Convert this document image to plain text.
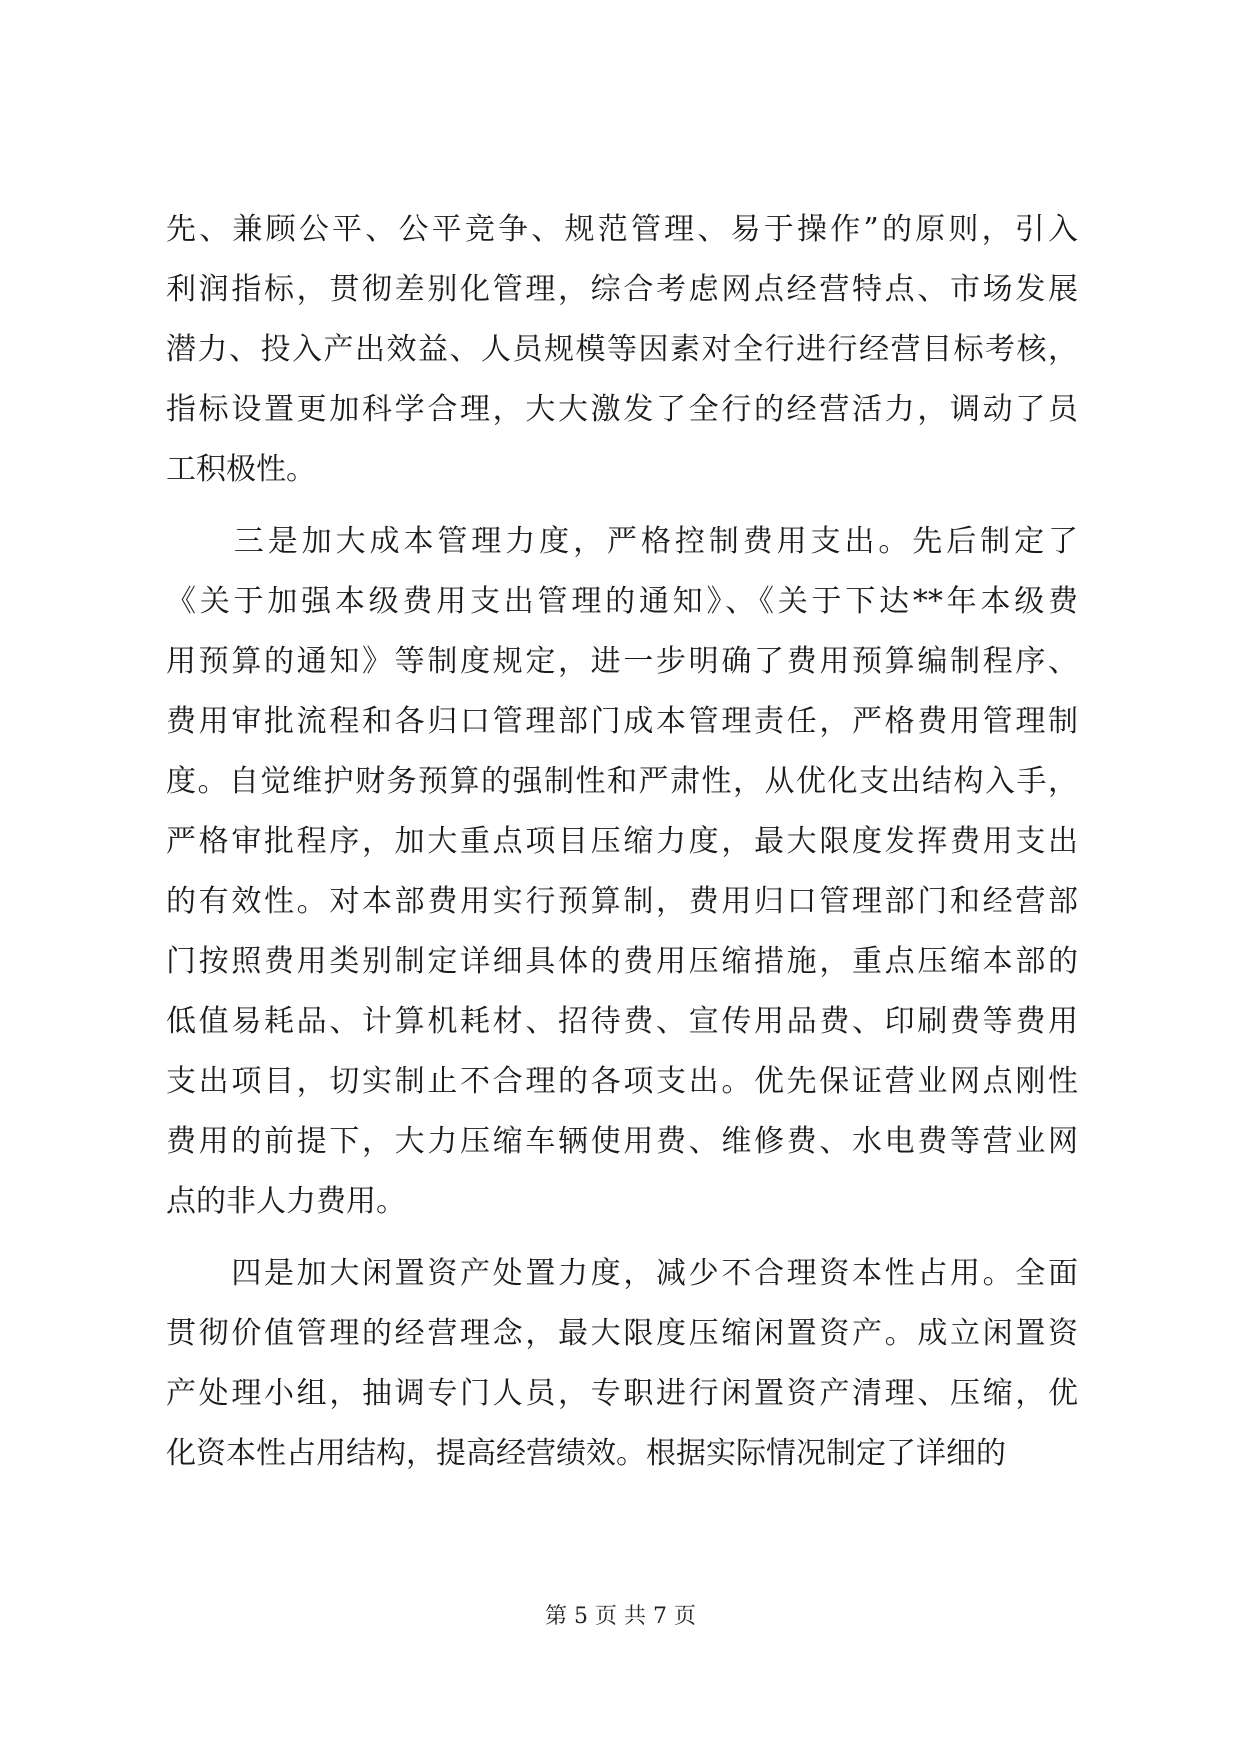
先、兼顾公平、公平竞争、规范管理、易于操作”的原则，引入
利润指标，贯彻差别化管理，综合考虑网点经营特点、市场发展
潜力、投入产出效益、人员规模等因素对全行进行经营目标考核，
指标设置更加科学合理，大大激发了全行的经营活力，调动了员
工积极性。
　　三是加大成本管理力度，严格控制费用支出。先后制定了
《关于加强本级费用支出管理的通知》、《关于下达**年本级费
用预算的通知》等制度规定，进一步明确了费用预算编制程序、
费用审批流程和各归口管理部门成本管理责任，严格费用管理制
度。自觉维护财务预算的强制性和严肃性，从优化支出结构入手，
严格审批程序，加大重点项目压缩力度，最大限度发挥费用支出
的有效性。对本部费用实行预算制，费用归口管理部门和经营部
门按照费用类别制定详细具体的费用压缩措施，重点压缩本部的
低值易耗品、计算机耗材、招待费、宣传用品费、印刷费等费用
支出项目，切实制止不合理的各项支出。优先保证营业网点刚性
费用的前提下，大力压缩车辆使用费、维修费、水电费等营业网
点的非人力费用。
　　四是加大闲置资产处置力度，减少不合理资本性占用。全面
贯彻价值管理的经营理念，最大限度压缩闲置资产。成立闲置资
产处理小组，抽调专门人员，专职进行闲置资产清理、压缩，优
化资本性占用结构，提高经营绩效。根据实际情况制定了详细的
第 5 页 共 7 页
